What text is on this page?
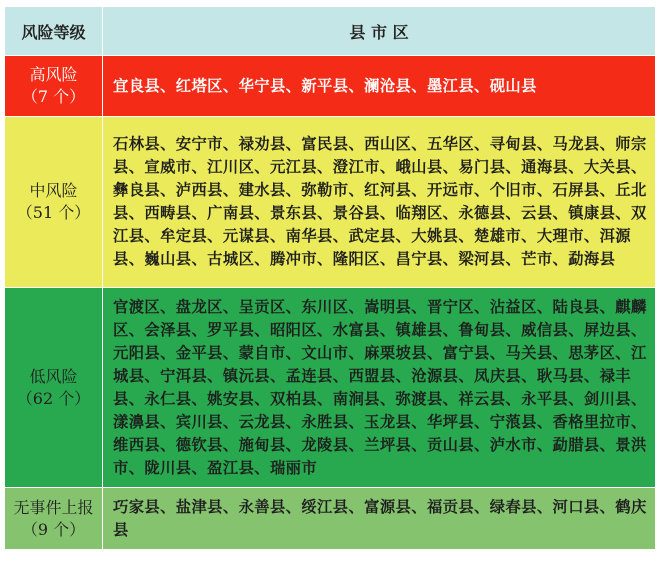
风险等级	县 市 区

高风险
（7 个）	宜良县、红塔区、华宁县、新平县、澜沧县、墨江县、砚山县

中风险
（51 个）	石林县、安宁市、禄劝县、富民县、西山区、五华区、寻甸县、马龙县、师宗县、宣威市、江川区、元江县、澄江市、峨山县、易门县、通海县、大关县、彝良县、泸西县、建水县、弥勒市、红河县、开远市、个旧市、石屏县、丘北县、西畴县、广南县、景东县、景谷县、临翔区、永德县、云县、镇康县、双江县、牟定县、元谋县、南华县、武定县、大姚县、楚雄市、大理市、洱源县、巍山县、古城区、腾冲市、隆阳区、昌宁县、梁河县、芒市、勐海县

低风险
（62 个）	官渡区、盘龙区、呈贡区、东川区、嵩明县、晋宁区、沾益区、陆良县、麒麟区、会泽县、罗平县、昭阳区、水富县、镇雄县、鲁甸县、威信县、屏边县、元阳县、金平县、蒙自市、文山市、麻栗坡县、富宁县、马关县、思茅区、江城县、宁洱县、镇沅县、孟连县、西盟县、沧源县、凤庆县、耿马县、禄丰县、永仁县、姚安县、双柏县、南涧县、弥渡县、祥云县、永平县、剑川县、漾濞县、宾川县、云龙县、永胜县、玉龙县、华坪县、宁蒗县、香格里拉市、维西县、德钦县、施甸县、龙陵县、兰坪县、贡山县、泸水市、勐腊县、景洪市、陇川县、盈江县、瑞丽市

无事件上报
（9 个）	巧家县、盐津县、永善县、绥江县、富源县、福贡县、绿春县、河口县、鹤庆县
